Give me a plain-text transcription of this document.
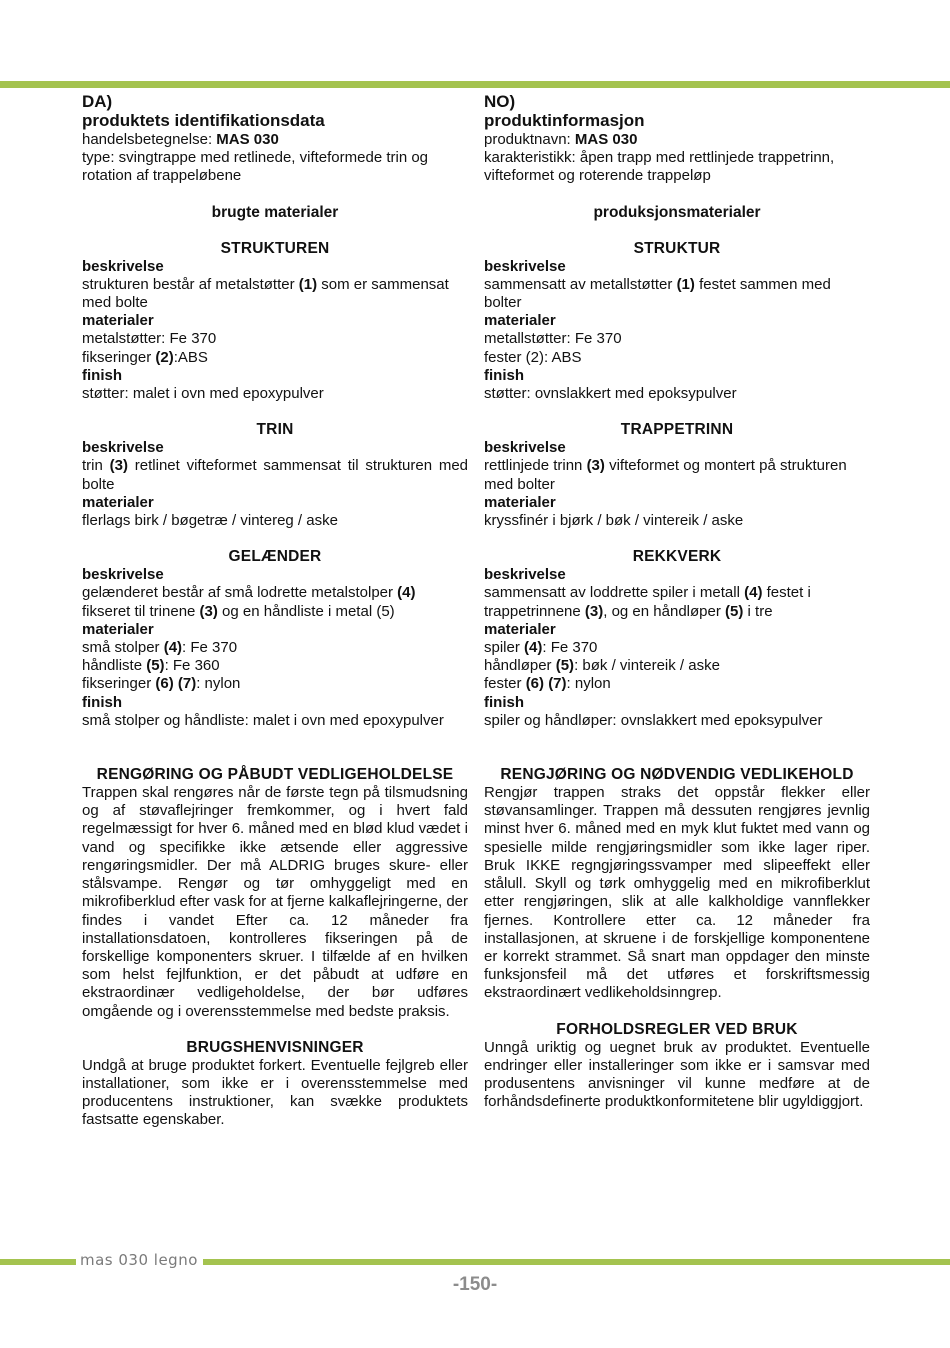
DA)

produktets identifikationsdata

handelsbetegnelse: MAS 030

type: svingtrappe med retlinede, vifteformede trin og rotation af trappeløbene

brugte materialer

STRUKTUREN

beskrivelse

strukturen består af metalstøtter (1) som er sammensat med bolte

materialer

metalstøtter: Fe 370

fikseringer (2):ABS

finish

støtter: malet i ovn med epoxypulver

TRIN

beskrivelse

trin (3) retlinet vifteformet sammensat til strukturen med bolte

materialer

flerlags birk / bøgetræ / vintereg / aske

GELÆNDER

beskrivelse

gelænderet består af små lodrette metalstolper (4) fikseret til trinene (3) og en håndliste i metal (5)

materialer

små stolper (4): Fe 370

håndliste (5): Fe 360

fikseringer (6) (7): nylon

finish

små stolper og håndliste: malet i ovn med epoxypulver

RENGØRING OG PÅBUDT VEDLIGEHOLDELSE

Trappen skal rengøres når de første tegn på tilsmudsning og af støvaflejringer fremkommer, og i hvert fald regelmæssigt for hver 6. måned med en blød klud vædet i vand og specifikke ikke ætsende eller aggressive rengøringsmidler. Der må ALDRIG bruges skure- eller stålsvampe. Rengør og tør omhyggeligt med en mikrofiberklud efter vask for at fjerne kalkaflejringerne, der findes i vandet Efter ca. 12 måneder fra installationsdatoen, kontrolleres fikseringen på de forskellige komponenters skruer. I tilfælde af en hvilken som helst fejlfunktion, er det påbudt at udføre en ekstraordinær vedligeholdelse, der bør udføres omgående og i overensstemmelse med bedste praksis.

BRUGSHENVISNINGER

Undgå at bruge produktet forkert. Eventuelle fejlgreb eller installationer, som ikke er i overensstemmelse med producentens instruktioner, kan svække produktets fastsatte egenskaber.

NO)

produktinformasjon

produktnavn: MAS 030

karakteristikk: åpen trapp med rettlinjede trappetrinn, vifteformet og roterende trappeløp

produksjonsmaterialer

STRUKTUR

beskrivelse

sammensatt av metallstøtter (1) festet sammen med bolter

materialer

metallstøtter: Fe 370

fester (2): ABS

finish

støtter: ovnslakkert med epoksypulver

TRAPPETRINN

beskrivelse

rettlinjede trinn (3) vifteformet og montert på strukturen med bolter

materialer

kryssfinér i bjørk / bøk / vintereik / aske

REKKVERK

beskrivelse

sammensatt av loddrette spiler i metall (4) festet i trappetrinnene (3), og en håndløper (5) i tre

materialer

spiler (4): Fe 370

håndløper (5): bøk / vintereik / aske

fester (6) (7): nylon

finish

spiler og håndløper: ovnslakkert med epoksypulver

RENGJØRING OG NØDVENDIG VEDLIKEHOLD

Rengjør trappen straks det oppstår flekker eller støvansamlinger. Trappen må dessuten rengjøres jevnlig minst hver 6. måned med en myk klut fuktet med vann og spesielle milde rengjøringsmidler som ikke lager riper. Bruk IKKE regngjøringssvamper med slipeeffekt eller stålull. Skyll og tørk omhyggelig med en mikrofiberklut etter rengjøringen, slik at alle kalkholdige vannflekker fjernes. Kontrollere etter ca. 12 måneder fra installasjonen, at skruene i de forskjellige komponentene er korrekt strammet. Så snart man oppdager den minste funksjonsfeil må det utføres et forskriftsmessig ekstraordinært vedlikeholdsinngrep.

FORHOLDSREGLER VED BRUK

Unngå uriktig og uegnet bruk av produktet. Eventuelle endringer eller installeringer som ikke er i samsvar med produsentens anvisninger vil kunne medføre at de forhåndsdefinerte produktkonformitetene blir ugyldiggjort.

mas 030 legno
-150-
